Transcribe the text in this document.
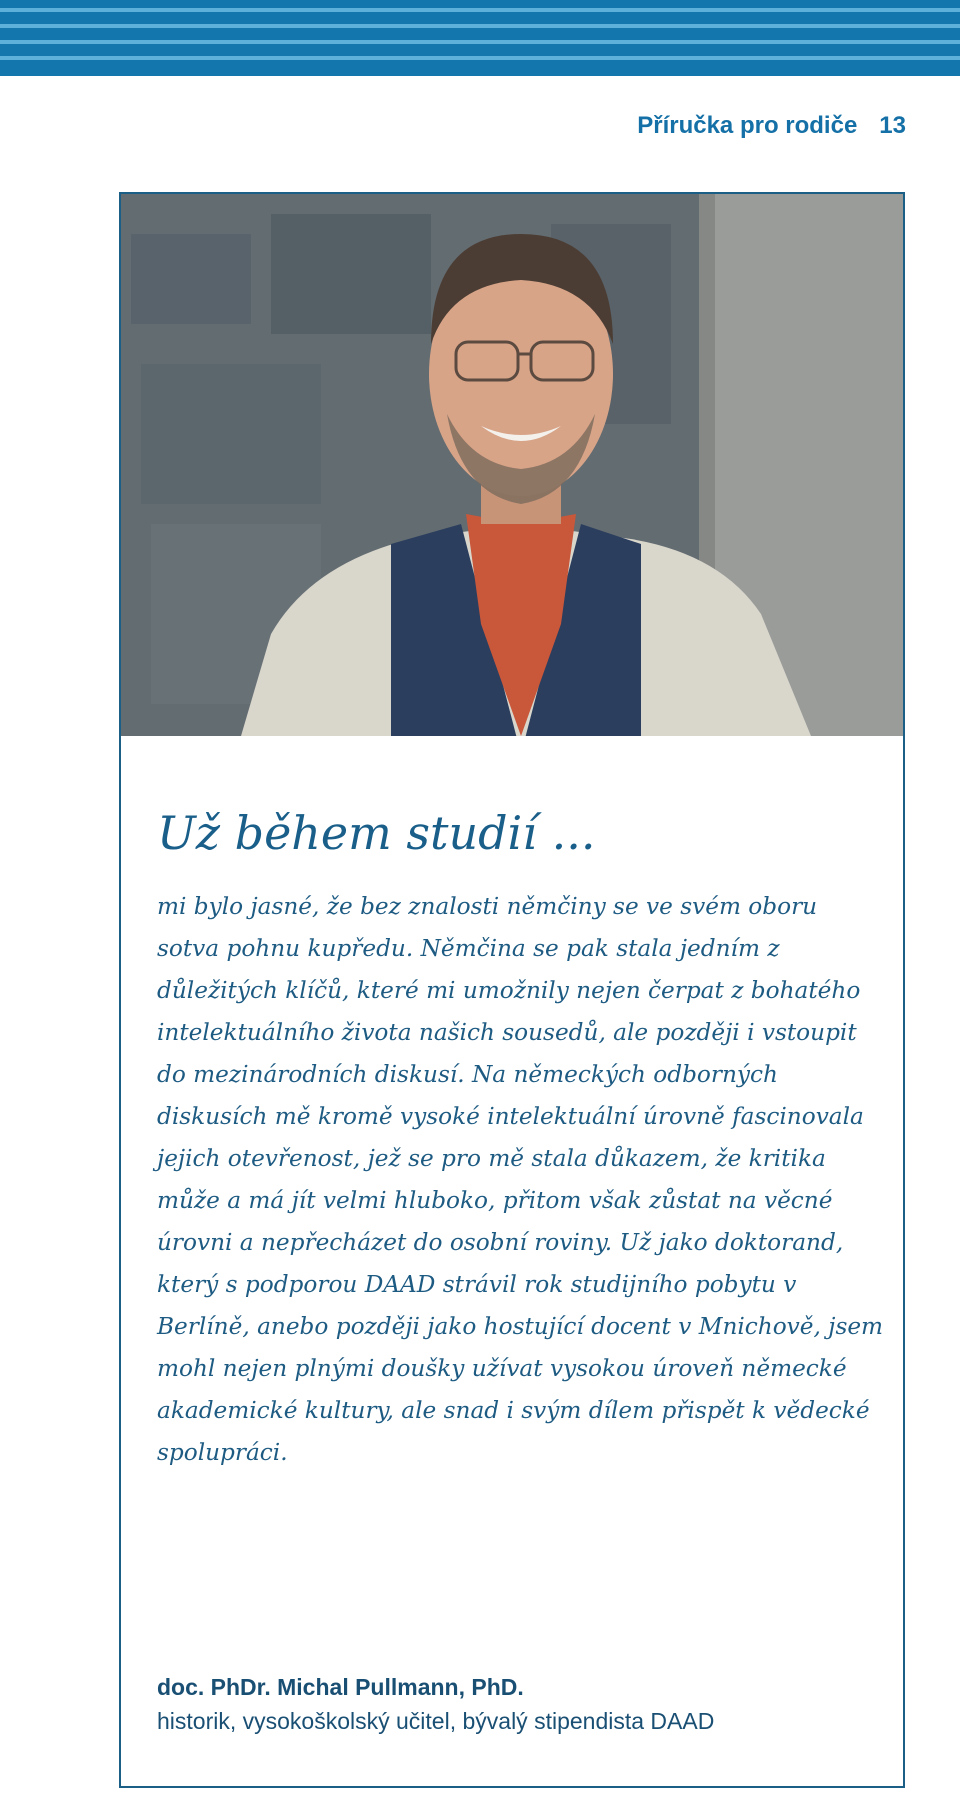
Příručka pro rodiče 13
Už během studií ...

mi bylo jasné, že bez znalosti němčiny se ve svém oboru sotva pohnu kupředu. Němčina se pak stala jedním z důležitých klíčů, které mi umožnily nejen čerpat z bohatého intelektuálního života našich sousedů, ale později i vstoupit do mezinárodních diskusí. Na německých odborných diskusích mě kromě vysoké intelektuální úrovně fascinovala jejich otevřenost, jež se pro mě stala důkazem, že kritika může a má jít velmi hluboko, přitom však zůstat na věcné úrovni a nepřecházet do osobní roviny. Už jako doktorand, který s podporou DAAD strávil rok studijního pobytu v Berlíně, anebo později jako hostující docent v Mnichově, jsem mohl nejen plnými doušky užívat vysokou úroveň německé akademické kultury, ale snad i svým dílem přispět k vědecké spolupráci.

doc. PhDr. Michal Pullmann, PhD.
historik, vysokoškolský učitel, bývalý stipendista DAAD
